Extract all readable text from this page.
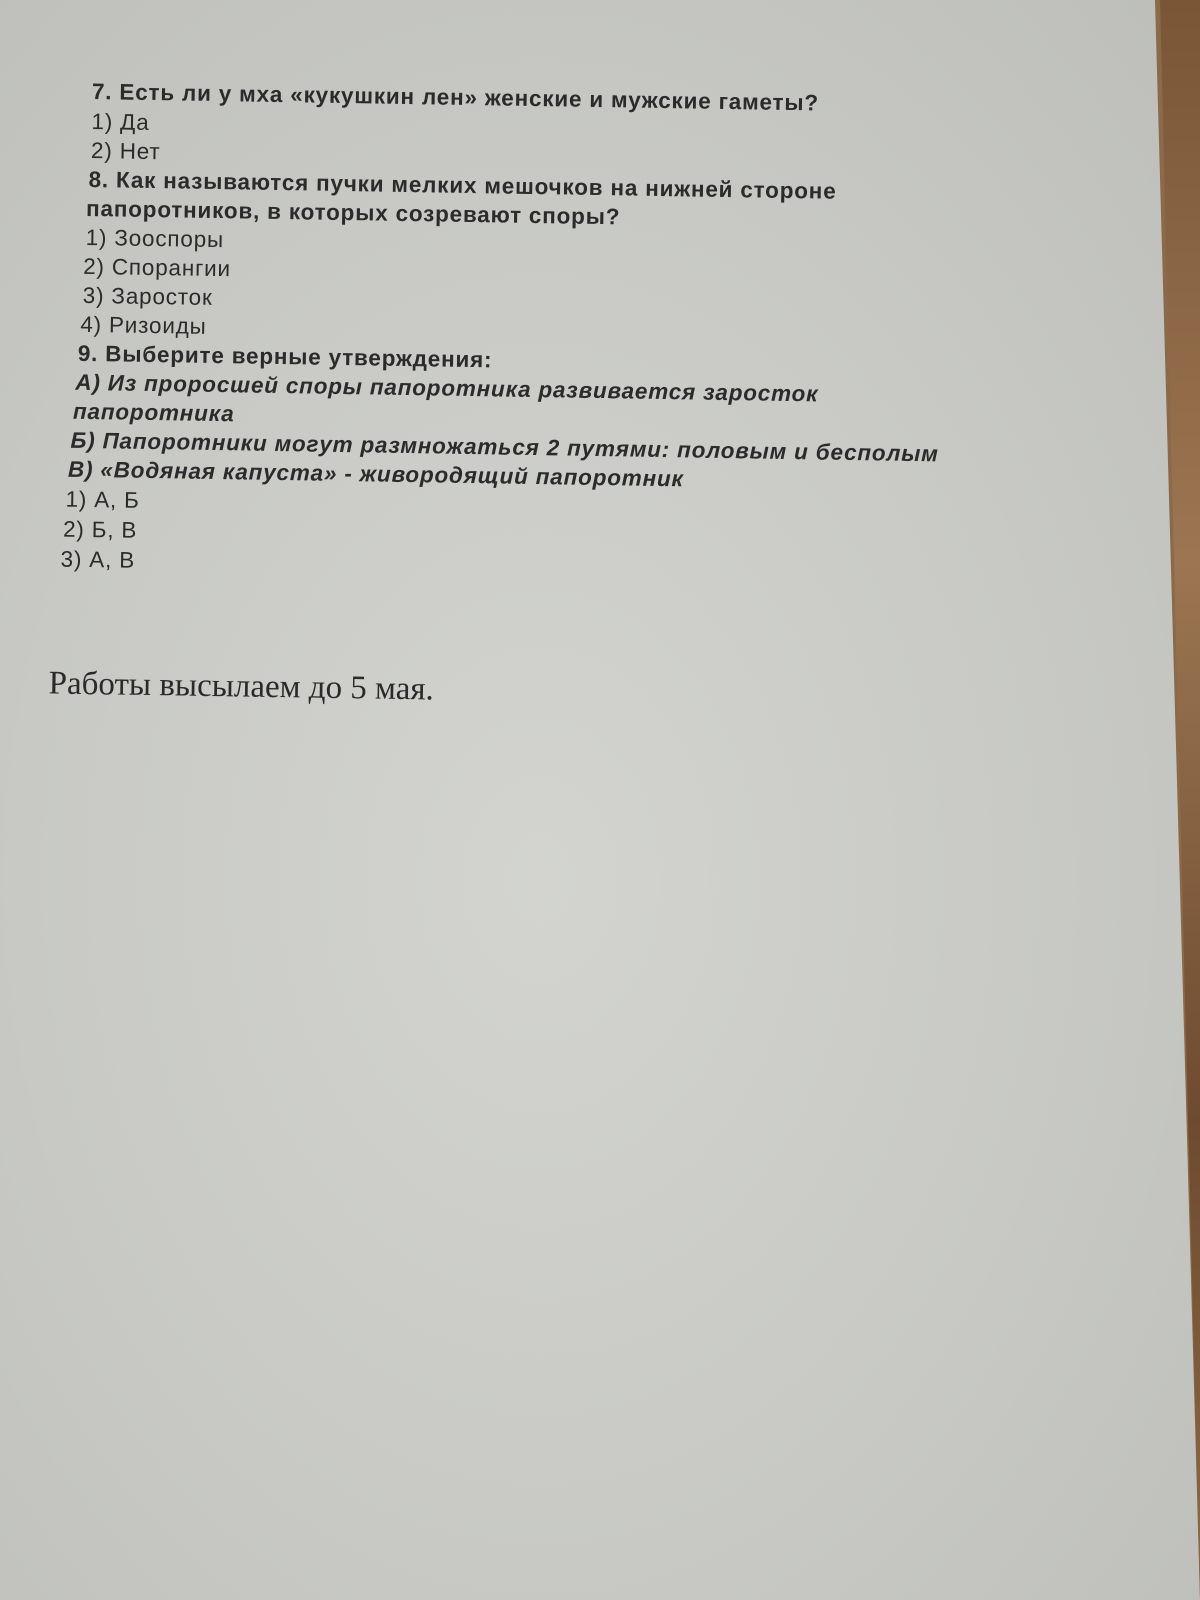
7. Есть ли у мха «кукушкин лен» женские и мужские гаметы?
1) Да
2) Нет
8. Как называются пучки мелких мешочков на нижней стороне
папоротников, в которых созревают споры?
1) Зооспоры
2) Спорангии
3) Заросток
4) Ризоиды
9. Выберите верные утверждения:
А) Из проросшей споры папоротника развивается заросток
папоротника
Б) Папоротники могут размножаться 2 путями: половым и бесполым
В) «Водяная капуста» - живородящий папоротник
1) А, Б
2) Б, В
3) А, В
Работы высылаем до 5 мая.
